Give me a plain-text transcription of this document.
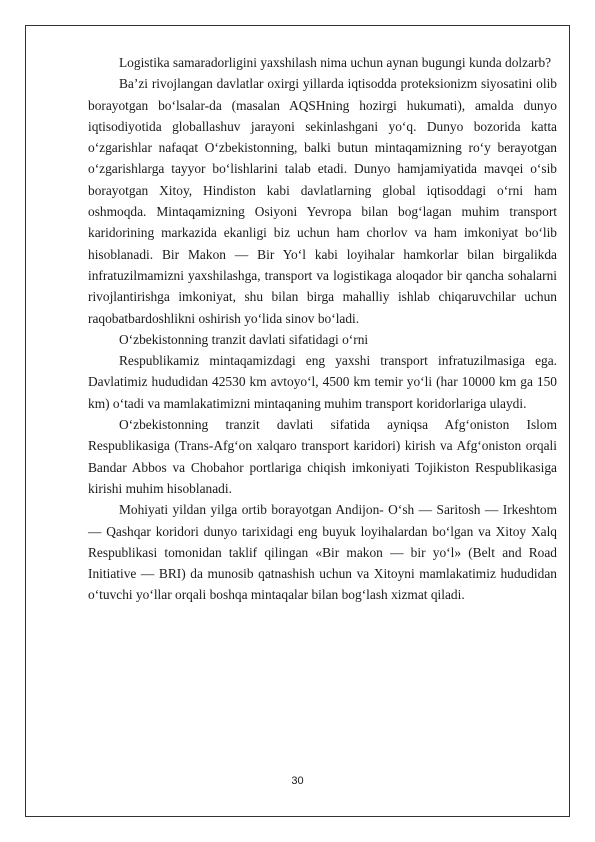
Logistika samaradorligini yaxshilash nima uchun aynan bugungi kunda dolzarb?

Ba’zi rivojlangan davlatlar oxirgi yillarda iqtisodda proteksionizm siyosatini olib borayotgan bo‘lsalar-da (masalan AQSHning hozirgi hukumati), amalda dunyo iqtisodiyotida globallashuv jarayoni sekinlashgani yo‘q. Dunyo bozorida katta o‘zgarishlar nafaqat O‘zbekistonning, balki butun mintaqamizning ro‘y berayotgan o‘zgarishlarga tayyor bo‘lishlarini talab etadi. Dunyo hamjamiyatida mavqei o‘sib borayotgan Xitoy, Hindiston kabi davlatlarning global iqtisoddagi o‘rni ham oshmoqda. Mintaqamizning Osiyoni Yevropa bilan bog‘lagan muhim transport karidorining markazida ekanligi biz uchun ham chorlov va ham imkoniyat bo‘lib hisoblanadi. Bir Makon — Bir Yo‘l kabi loyihalar hamkorlar bilan birgalikda infratuzilmamizni yaxshilashga, transport va logistikaga aloqador bir qancha sohalarni rivojlantirishga imkoniyat, shu bilan birga mahalliy ishlab chiqaruvchilar uchun raqobatbardoshlikni oshirish yo‘lida sinov bo‘ladi.

O‘zbekistonning tranzit davlati sifatidagi o‘rni

Respublikamiz mintaqamizdagi eng yaxshi transport infratuzilmasiga ega. Davlatimiz hududidan 42530 km avtoyo‘l, 4500 km temir yo‘li (har 10000 km ga 150 km) o‘tadi va mamlakatimizni mintaqaning muhim transport koridorlariga ulaydi.

O‘zbekistonning tranzit davlati sifatida ayniqsa Afg‘oniston Islom Respublikasiga (Trans-Afg‘on xalqaro transport karidori) kirish va Afg‘oniston orqali Bandar Abbos va Chobahor portlariga chiqish imkoniyati Tojikiston Respublikasiga kirishi muhim hisoblanadi.

Mohiyati yildan yilga ortib borayotgan Andijon- O‘sh — Saritosh — Irkeshtom — Qashqar koridori dunyo tarixidagi eng buyuk loyihalardan bo‘lgan va Xitoy Xalq Respublikasi tomonidan taklif qilingan «Bir makon — bir yo‘l» (Belt and Road Initiative — BRI) da munosib qatnashish uchun va Xitoyni mamlakatimiz hududidan o‘tuvchi yo‘llar orqali boshqa mintaqalar bilan bog‘lash xizmat qiladi.

30
